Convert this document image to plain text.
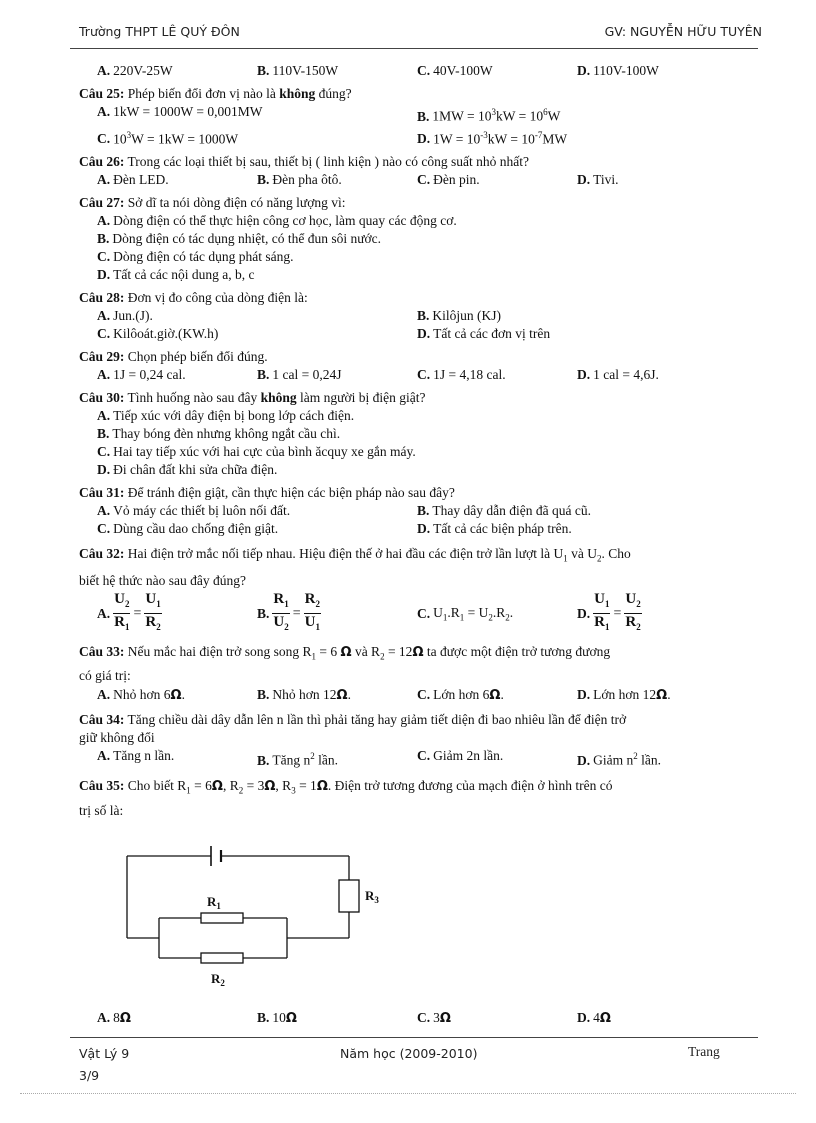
Trường THPT LÊ QUÝ ĐÔN	GV: NGUYỄN HỮU TUYÊN
A. 220V-25W	B. 110V-150W	C. 40V-100W	D. 110V-100W
Câu 25: Phép biến đổi đơn vị nào là không đúng?
A. 1kW = 1000W = 0,001MW	B. $1MW = 10^3kW = 10^6W$
C. $10^3W = 1kW = 1000W$	D. $1W = 10^{-3}kW = 10^{-7}MW$
Câu 26: Trong các loại thiết bị sau, thiết bị ( linh kiện ) nào có công suất nhỏ nhất?
A. Đèn LED.	B. Đèn pha ôtô.	C. Đèn pin.	D. Tivi.
Câu 27: Sở dĩ ta nói dòng điện có năng lượng vì:
A. Dòng điện có thể thực hiện công cơ học, làm quay các động cơ.
B. Dòng điện có tác dụng nhiệt, có thể đun sôi nước.
C. Dòng điện có tác dụng phát sáng.
D. Tất cả các nội dung a, b, c
Câu 28: Đơn vị đo công của dòng điện là:
A. Jun.(J).	B. Kilôjun (KJ)
C. Kilôoát.giờ.(KW.h)	D. Tất cả các đơn vị trên
Câu 29: Chọn phép biến đổi đúng.
A. 1J = 0,24 cal.	B. 1 cal = 0,24J	C. 1J = 4,18 cal.	D. 1 cal = 4,6J.
Câu 30: Tình huống nào sau đây không làm người bị điện giật?
A. Tiếp xúc với dây điện bị bong lớp cách điện.
B. Thay bóng đèn nhưng không ngắt cầu chì.
C. Hai tay tiếp xúc với hai cực của bình ăcquy xe gắn máy.
D. Đi chân đất khi sửa chữa điện.
Câu 31: Để tránh điện giật, cần thực hiện các biện pháp nào sau đây?
A. Vỏ máy các thiết bị luôn nối đất.	B. Thay dây dẫn điện đã quá cũ.
C. Dùng cầu dao chống điện giật.	D. Tất cả các biện pháp trên.
Câu 32: Hai điện trở mắc nối tiếp nhau. Hiệu điện thế ở hai đầu các điện trở lần lượt là $U_1$ và $U_2$. Cho
biết hệ thức nào sau đây đúng?
A. $\frac{U_2}{R_1} = \frac{U_1}{R_2}$	B. $\frac{R_1}{U_2} = \frac{R_2}{U_1}$	C. $U_1.R_1 = U_2.R_2$.	D. $\frac{U_1}{R_1} = \frac{U_2}{R_2}$
Câu 33: Nếu mắc hai điện trở song song $R_1 = 6$ Ω và $R_2 = 12\Omega$ ta được một điện trở tương đương
có giá trị:
A. Nhỏ hơn 6Ω.	B. Nhỏ hơn 12Ω.	C. Lớn hơn 6Ω.	D. Lớn hơn 12Ω.
Câu 34: Tăng chiều dài dây dẫn lên n lần thì phải tăng hay giảm tiết diện đi bao nhiêu lần để điện trở
giữ không đổi
A. Tăng n lần.	B. Tăng $n^2$ lần.	C. Giảm 2n lần.	D. Giảm $n^2$ lần.
Câu 35: Cho biết $R_1 = 6\Omega$, $R_2 = 3\Omega$, $R_3 = 1\Omega$. Điện trở tương đương của mạch điện ở hình trên có
trị số là:
$R_3$
$R_1$
$R_2$
A. 8Ω	B. 10Ω	C. 3Ω	D. 4Ω
Vật Lý 9	Năm học (2009-2010)	Trang
3/9
